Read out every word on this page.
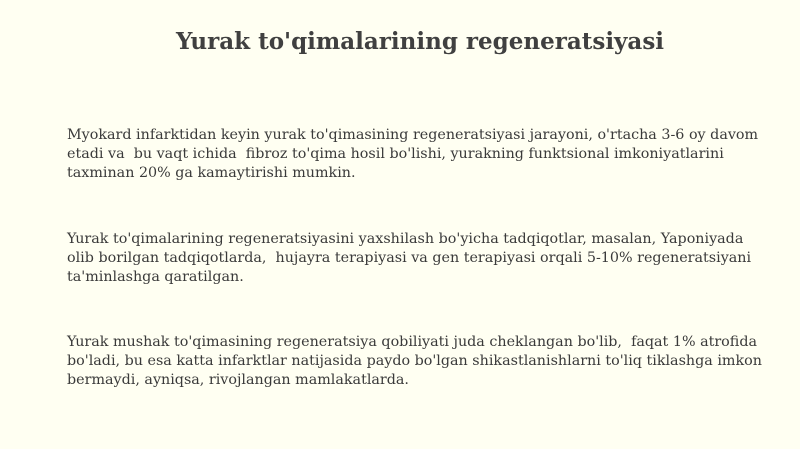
Yurak to'qimalarining regeneratsiyasi

Myokard infarktidan keyin yurak to'qimasining regeneratsiyasi jarayoni, o'rtacha 3-6 oy davom etadi va  bu vaqt ichida  fibroz to'qima hosil bo'lishi, yurakning funktsional imkoniyatlarini  taxminan 20% ga kamaytirishi mumkin.

Yurak to'qimalarining regeneratsiyasini yaxshilash bo'yicha tadqiqotlar, masalan, Yaponiyada olib borilgan tadqiqotlarda,  hujayra terapiyasi va gen terapiyasi orqali 5-10% regeneratsiyani ta'minlashga qaratilgan.

Yurak mushak to'qimasining regeneratsiya qobiliyati juda cheklangan bo'lib,  faqat 1% atrofida bo'ladi, bu esa katta infarktlar natijasida paydo bo'lgan shikastlanishlarni to'liq tiklashga imkon bermaydi, ayniqsa, rivojlangan mamlakatlarda.
